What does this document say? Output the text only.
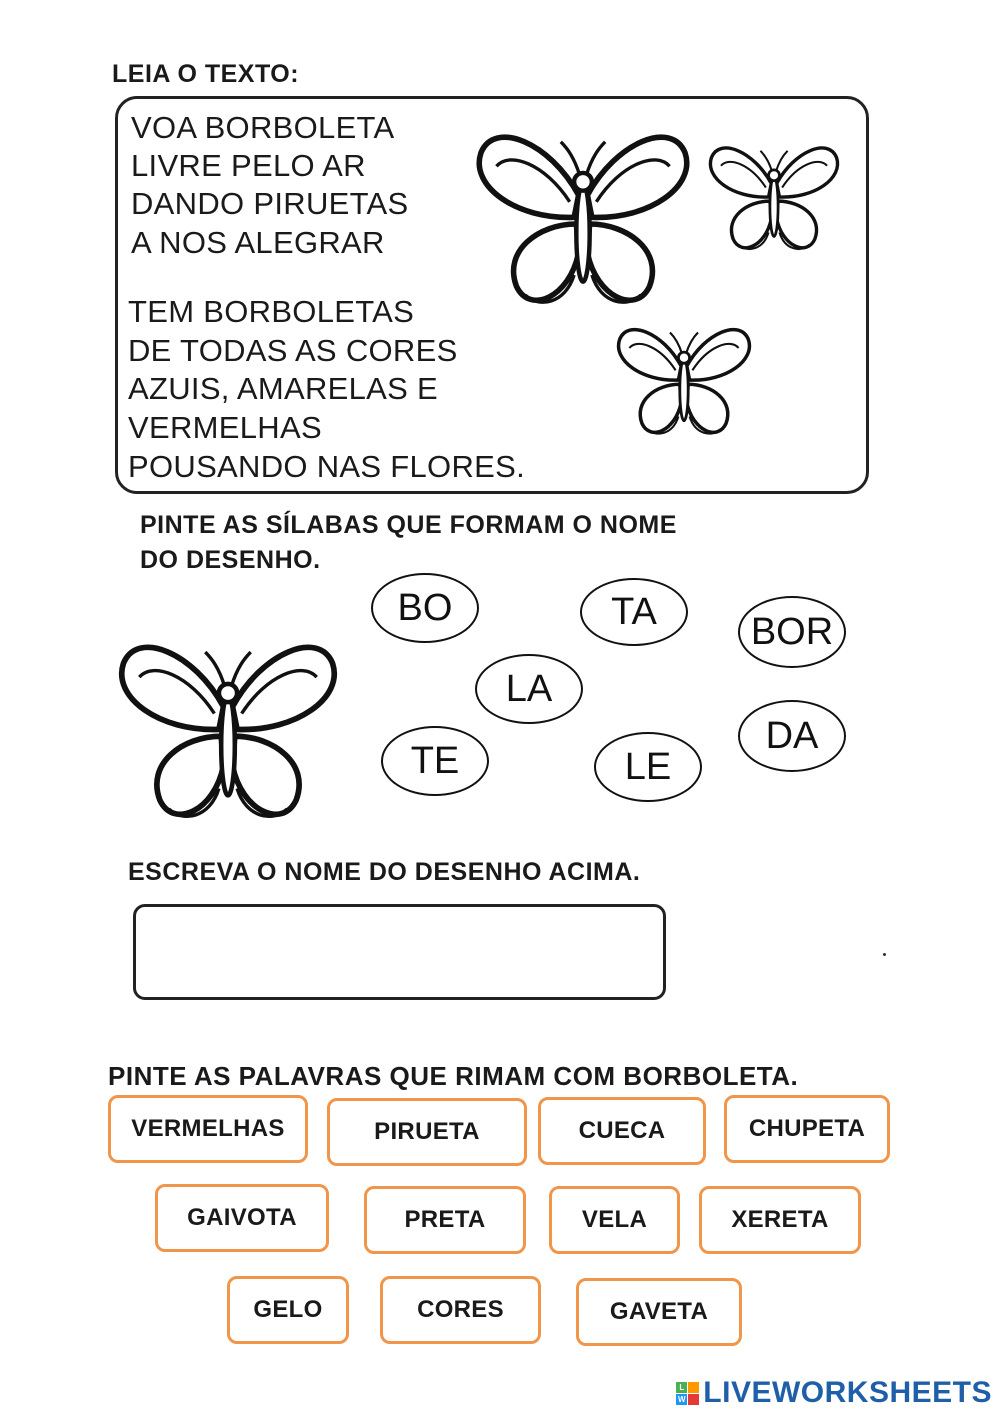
LEIA O TEXTO:
VOA BORBOLETA
LIVRE PELO AR
DANDO PIRUETAS
A NOS ALEGRAR
TEM BORBOLETAS
DE TODAS AS CORES
AZUIS, AMARELAS E
VERMELHAS
POUSANDO NAS FLORES.
PINTE AS SÍLABAS QUE FORMAM O NOME
DO DESENHO.
BO	TA	BOR
LA
DA
TE	LE
ESCREVA O NOME DO DESENHO ACIMA.
PINTE AS PALAVRAS QUE RIMAM COM BORBOLETA.
VERMELHAS	PIRUETA	CUECA	CHUPETA
GAIVOTA	PRETA	VELA	XERETA
GELO	CORES	GAVETA
L
W LIVEWORKSHEETS
